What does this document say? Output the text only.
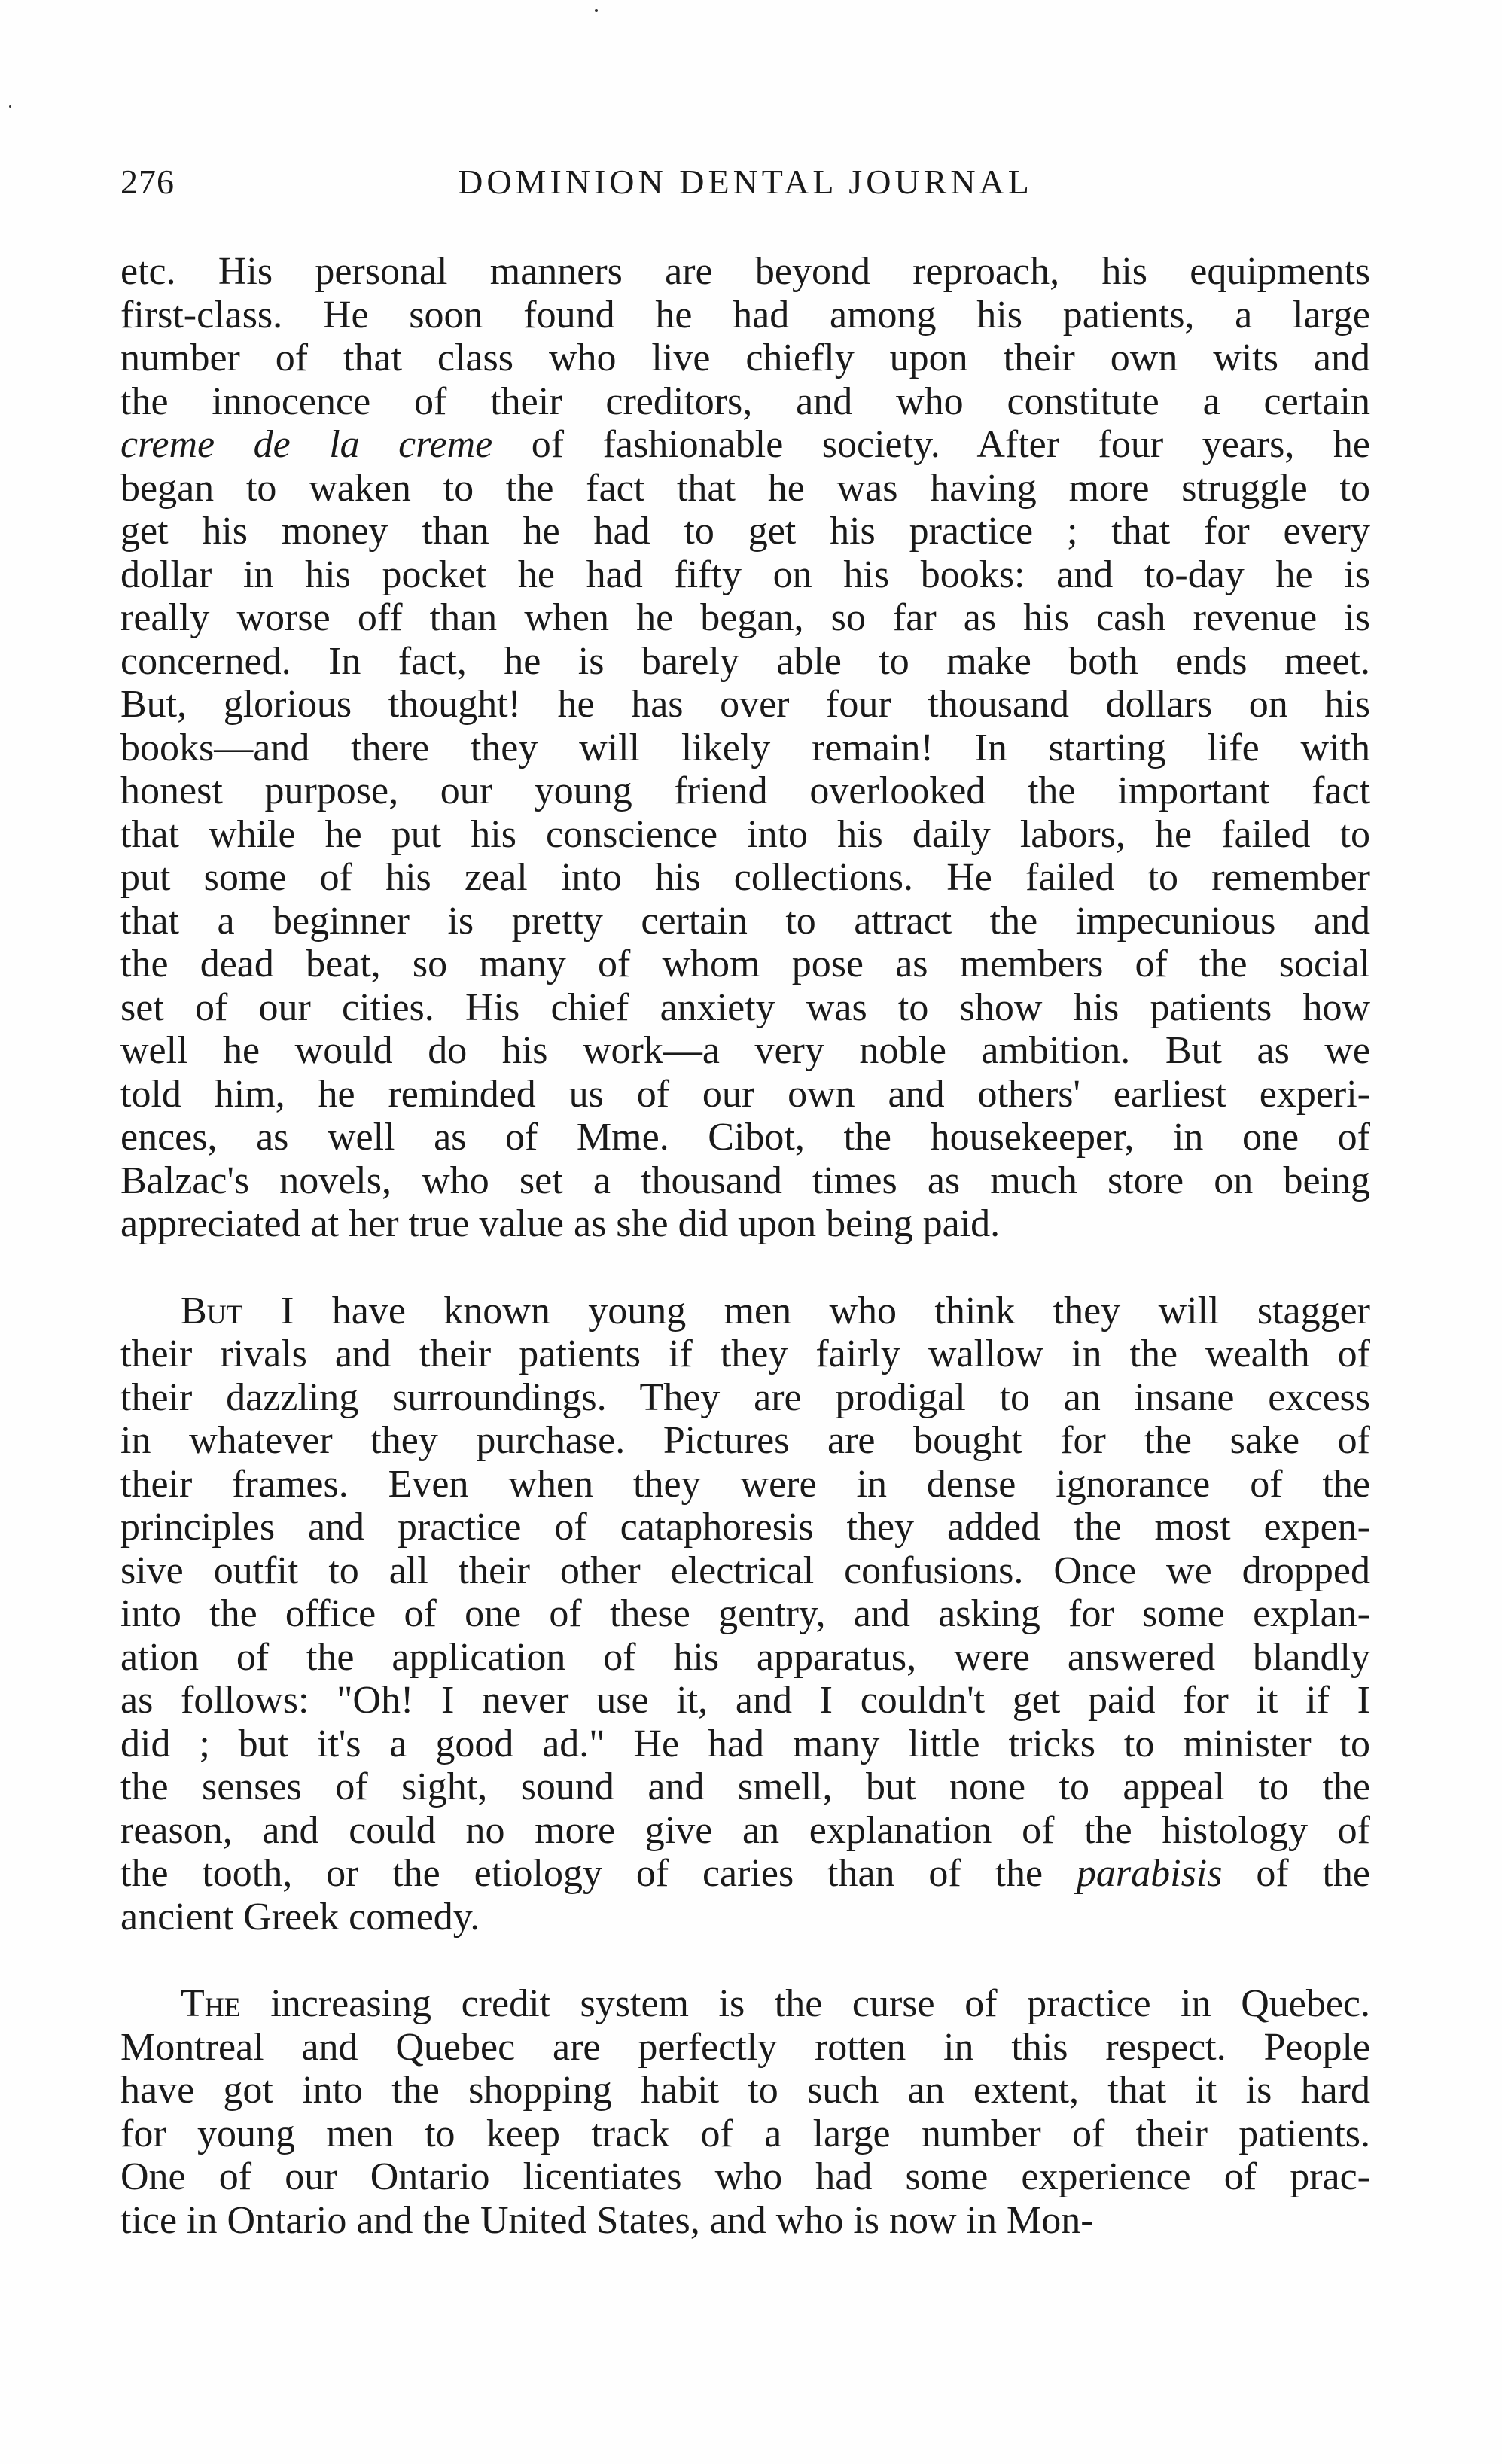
276	DOMINION DENTAL JOURNAL
etc. His personal manners are beyond reproach, his equipments
first-class. He soon found he had among his patients, a large
number of that class who live chiefly upon their own wits and
the innocence of their creditors, and who constitute a certain
creme de la creme of fashionable society. After four years, he
began to waken to the fact that he was having more struggle to
get his money than he had to get his practice ; that for every
dollar in his pocket he had fifty on his books: and to-day he is
really worse off than when he began, so far as his cash revenue is
concerned. In fact, he is barely able to make both ends meet.
But, glorious thought! he has over four thousand dollars on his
books—and there they will likely remain! In starting life with
honest purpose, our young friend overlooked the important fact
that while he put his conscience into his daily labors, he failed to
put some of his zeal into his collections. He failed to remember
that a beginner is pretty certain to attract the impecunious and
the dead beat, so many of whom pose as members of the social
set of our cities. His chief anxiety was to show his patients how
well he would do his work—a very noble ambition. But as we
told him, he reminded us of our own and others' earliest experi-
ences, as well as of Mme. Cibot, the housekeeper, in one of
Balzac's novels, who set a thousand times as much store on being
appreciated at her true value as she did upon being paid.
But I have known young men who think they will stagger
their rivals and their patients if they fairly wallow in the wealth of
their dazzling surroundings. They are prodigal to an insane excess
in whatever they purchase. Pictures are bought for the sake of
their frames. Even when they were in dense ignorance of the
principles and practice of cataphoresis they added the most expen-
sive outfit to all their other electrical confusions. Once we dropped
into the office of one of these gentry, and asking for some explan-
ation of the application of his apparatus, were answered blandly
as follows: "Oh! I never use it, and I couldn't get paid for it if I
did ; but it's a good ad." He had many little tricks to minister to
the senses of sight, sound and smell, but none to appeal to the
reason, and could no more give an explanation of the histology of
the tooth, or the etiology of caries than of the parabisis of the
ancient Greek comedy.
The increasing credit system is the curse of practice in Quebec.
Montreal and Quebec are perfectly rotten in this respect. People
have got into the shopping habit to such an extent, that it is hard
for young men to keep track of a large number of their patients.
One of our Ontario licentiates who had some experience of prac-
tice in Ontario and the United States, and who is now in Mon-
